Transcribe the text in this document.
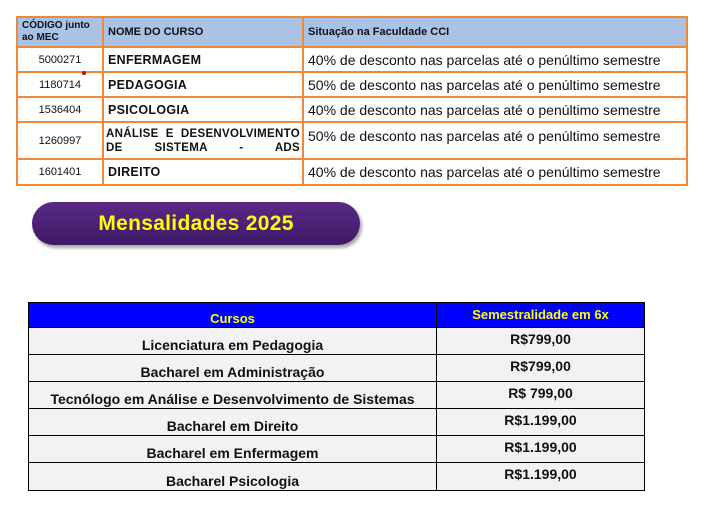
CÓDIGO junto ao MEC	NOME DO CURSO	Situação na Faculdade CCI
5000271	ENFERMAGEM	40% de desconto nas parcelas até o penúltimo semestre
1180714	PEDAGOGIA	50% de desconto nas parcelas até o penúltimo semestre
1536404	PSICOLOGIA	40% de desconto nas parcelas até o penúltimo semestre
1260997	ANÁLISE E DESENVOLVIMENTO DE SISTEMA - ADS	50% de desconto nas parcelas até o penúltimo semestre
1601401	DIREITO	40% de desconto nas parcelas até o penúltimo semestre
Mensalidades 2025
Cursos	Semestralidade em 6x
Licenciatura em Pedagogia	R$799,00
Bacharel em Administração	R$799,00
Tecnólogo em Análise e Desenvolvimento de Sistemas	R$ 799,00
Bacharel em Direito	R$1.199,00
Bacharel em Enfermagem	R$1.199,00
Bacharel Psicologia	R$1.199,00
